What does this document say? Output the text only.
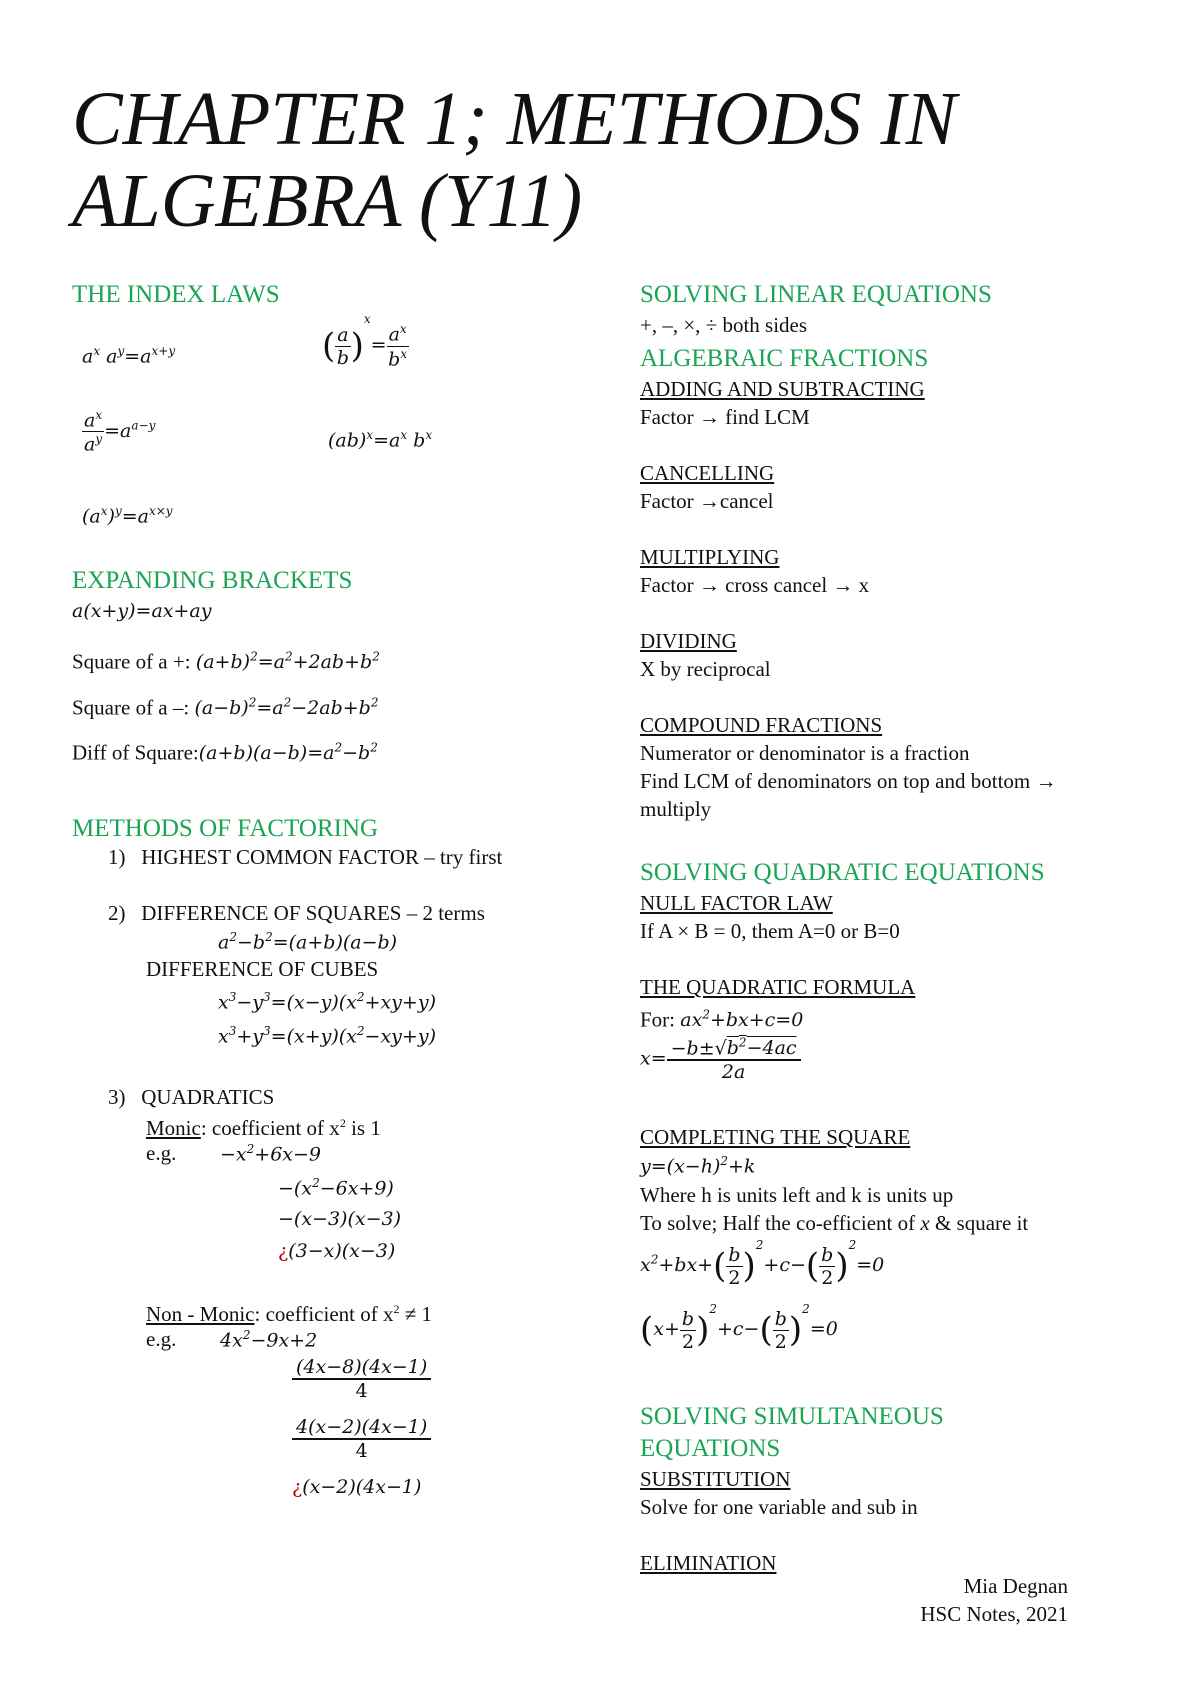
CHAPTER 1; METHODS IN ALGEBRA (Y11)
THE INDEX LAWS
$a^x$ $a^y=a^{x+y}$	( $\frac{a}{b} )^x= \frac{a^x}{b^x}$
$\frac{a^x}{a^y} =a^{a-y}$
$(ab)^x=a^x$ $b^x$
$(a^x)^y=a^{x\times y}$
EXPANDING BRACKETS
a(x+y)=ax+ay
Square of a +: $(a+b)^2=a^2+2ab+b^2$
Square of a –: $(a-b)^2=a^2-2ab+b^2$
Diff of $Square:(a+b)(a-b)=a^2-b^2$
METHODS OF FACTORING
1)   HIGHEST COMMON FACTOR – try first
2)   DIFFERENCE OF SQUARES – 2 terms
$a^2-b^2=(a+b)(a-b)$
DIFFERENCE OF CUBES
$x^3-y^3=(x-y)(x^2+xy+y)$
$x^3+y^3=(x+y)(x^2-xy+y)$
3)   QUADRATICS
Monic: coefficient of $x^2$ is 1
e.g. $-x^2+6x-9$
$-(x^2-6x+9)$
−(x−3)(x−3)
¿(3−x)(x−3)
Non - Monic: coefficient of $x^2 \ne 1$
e.g. $4x^2-9x+2$
$\frac{(4x-8)(4x-1)}{4}$
$\frac{4(x-2)(4x-1)}{4}$
¿(x−2)(4x−1)
SOLVING LINEAR EQUATIONS
+, –, ×, ÷ both sides
ALGEBRAIC FRACTIONS
ADDING AND SUBTRACTING
Factor → find LCM
CANCELLING
Factor →cancel
MULTIPLYING
Factor → cross cancel → x
DIVIDING
X by reciprocal
COMPOUND FRACTIONS
Numerator or denominator is a fraction
Find LCM of denominators on top and bottom →
multiply
SOLVING QUADRATIC EQUATIONS
NULL FACTOR LAW
If A × B = 0, them A=0 or B=0
THE QUADRATIC FORMULA
For: $ax^2+bx+c=0$
$x= \frac{-b\pm√b^2-4ac}{2a}$
COMPLETING THE SQUARE
$y=(x-h)^2+k$
Where h is units left and k is units up
To solve; Half the co-efficient of x & square it
$x^2+bx+( \frac{b}{2} )^2+c-( \frac{b}{2} )^2=0$
$(x+ \frac{b}{2} )^2+c-( \frac{b}{2} )^2=0$
SOLVING SIMULTANEOUS
EQUATIONS
SUBSTITUTION
Solve for one variable and sub in
ELIMINATION
Mia Degnan
HSC Notes, 2021
